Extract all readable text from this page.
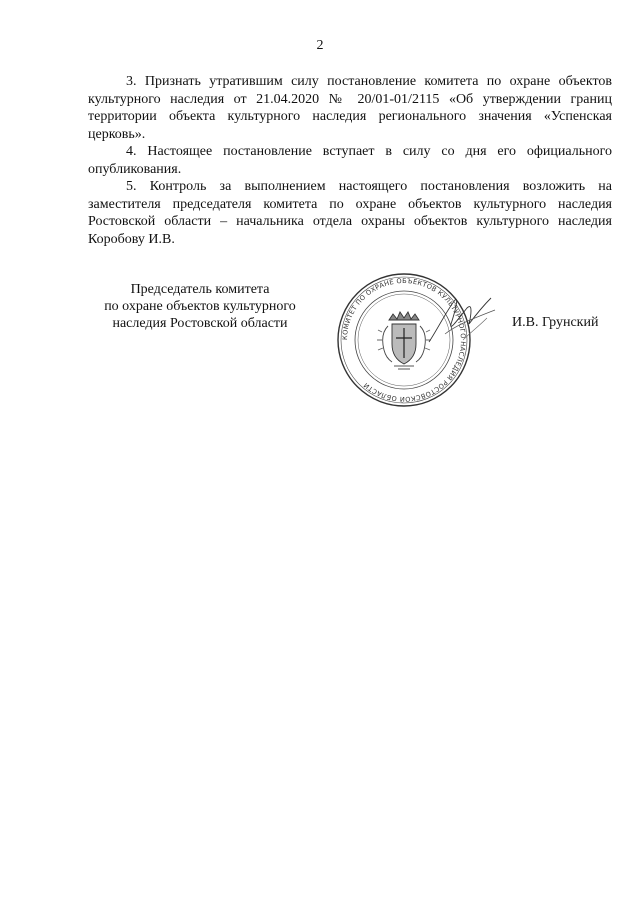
2

3. Признать утратившим силу постановление комитета по охране объектов культурного наследия от 21.04.2020 № 20/01-01/2115 «Об утверждении границ территории объекта культурного наследия регионального значения «Успенская церковь».

4. Настоящее постановление вступает в силу со дня его официального опубликования.

5. Контроль за выполнением настоящего постановления возложить на заместителя председателя комитета по охране объектов культурного наследия Ростовской области – начальника отдела охраны объектов культурного наследия Коробову И.В.

Председатель комитета
по охране объектов культурного
наследия Ростовской области
КОМИТЕТ ПО ОХРАНЕ ОБЪЕКТОВ КУЛЬТУРНОГО НАСЛЕДИЯ РОСТОВСКОЙ ОБЛАСТИ
И.В. Грунский
